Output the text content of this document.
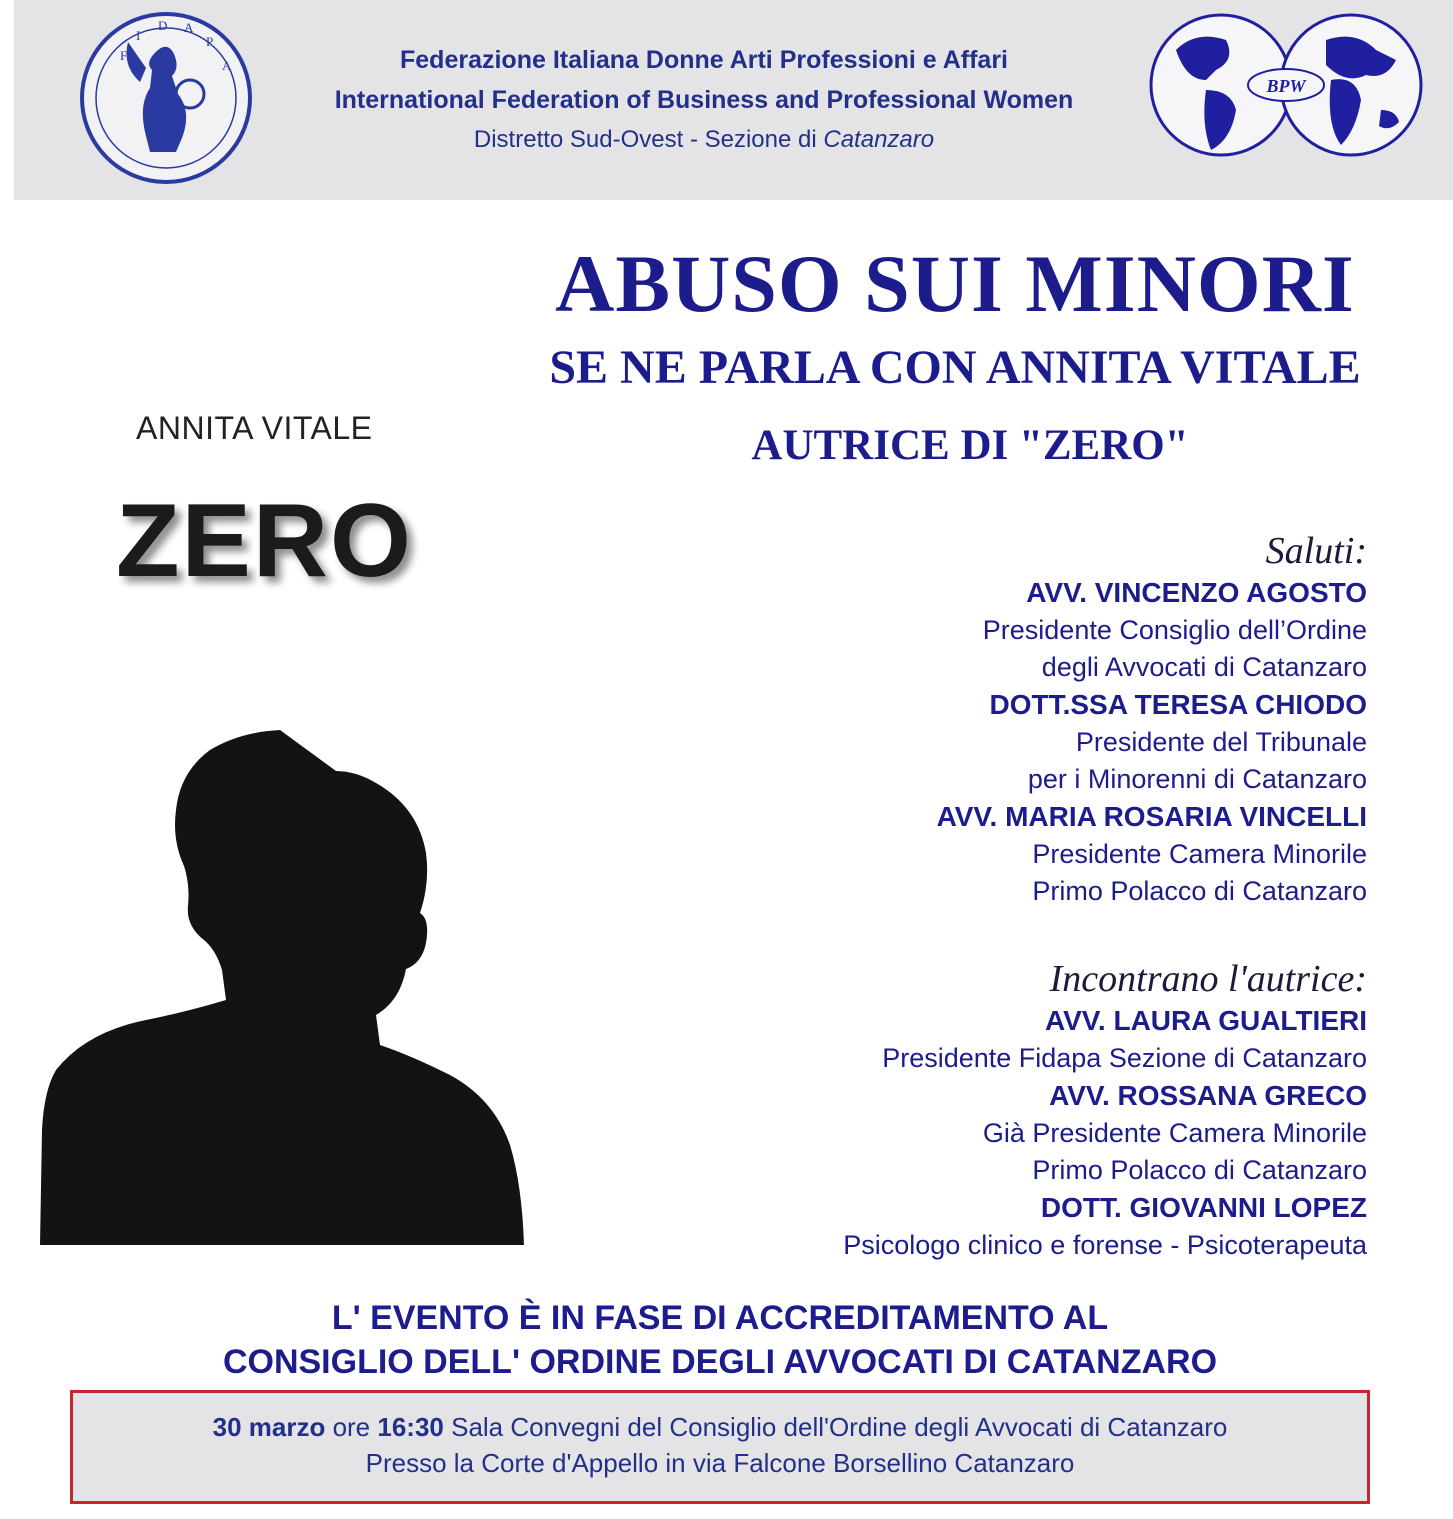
F
I
D A
P
A	Federazione Italiana Donne Arti Professioni e Affari
International Federation of Business and Professional Women
Distretto Sud-Ovest - Sezione di Catanzaro
BPW
ABUSO SUI MINORI
SE NE PARLA CON ANNITA VITALE
AUTRICE DI "ZERO"
ANNITA VITALE
ZERO	Saluti:
AVV. VINCENZO AGOSTO
Presidente Consiglio dell’Ordine
degli Avvocati di Catanzaro
DOTT.SSA TERESA CHIODO
Presidente del Tribunale
per i Minorenni di Catanzaro
AVV. MARIA ROSARIA VINCELLI
Presidente Camera Minorile
Primo Polacco di Catanzaro
Incontrano l'autrice:
AVV. LAURA GUALTIERI
Presidente Fidapa Sezione di Catanzaro
AVV. ROSSANA GRECO
Già Presidente Camera Minorile
Primo Polacco di Catanzaro
DOTT. GIOVANNI LOPEZ
Psicologo clinico e forense - Psicoterapeuta
L' EVENTO È IN FASE DI ACCREDITAMENTO AL
CONSIGLIO DELL' ORDINE DEGLI AVVOCATI DI CATANZARO
30 marzo ore 16:30 Sala Convegni del Consiglio dell'Ordine degli Avvocati di Catanzaro
Presso la Corte d'Appello in via Falcone Borsellino Catanzaro
